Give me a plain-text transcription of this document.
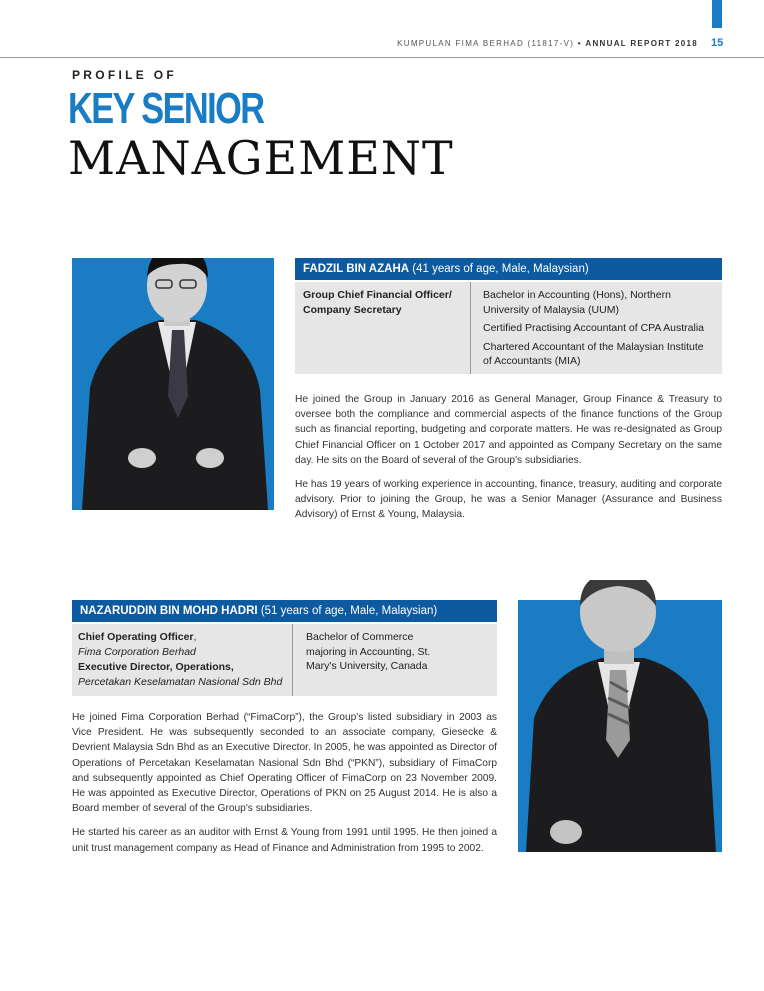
KUMPULAN FIMA BERHAD (11817-V) • ANNUAL REPORT 2018 15
PROFILE OF
KEY SENIOR
MANAGEMENT
FADZIL BIN AZAHA (41 years of age, Male, Malaysian)
Group Chief Financial Officer/
Company Secretary

Bachelor in Accounting (Hons), Northern University of Malaysia (UUM)

Certified Practising Accountant of CPA Australia

Chartered Accountant of the Malaysian Institute of Accountants (MIA)

He joined the Group in January 2016 as General Manager, Group Finance & Treasury to oversee both the compliance and commercial aspects of the finance functions of the Group such as financial reporting, budgeting and corporate matters. He was re-designated as Group Chief Financial Officer on 1 October 2017 and appointed as Company Secretary on the same day. He sits on the Board of several of the Group's subsidiaries.

He has 19 years of working experience in accounting, finance, treasury, auditing and corporate advisory. Prior to joining the Group, he was a Senior Manager (Assurance and Business Advisory) of Ernst & Young, Malaysia.

NAZARUDDIN BIN MOHD HADRI (51 years of age, Male, Malaysian)
Chief Operating Officer,
Fima Corporation Berhad
Executive Director, Operations,
Percetakan Keselamatan Nasional Sdn Bhd

Bachelor of Commerce majoring in Accounting, St. Mary's University, Canada

He joined Fima Corporation Berhad (“FimaCorp”), the Group's listed subsidiary in 2003 as Vice President. He was subsequently seconded to an associate company, Giesecke & Devrient Malaysia Sdn Bhd as an Executive Director. In 2005, he was appointed as Director of Operations of Percetakan Keselamatan Nasional Sdn Bhd (“PKN”), subsidiary of FimaCorp and subsequently appointed as Chief Operating Officer of FimaCorp on 23 November 2009. He was appointed as Executive Director, Operations of PKN on 25 August 2014. He is also a Board member of several of the Group's subsidiaries.

He started his career as an auditor with Ernst & Young from 1991 until 1995. He then joined a unit trust management company as Head of Finance and Administration from 1995 to 2002.
